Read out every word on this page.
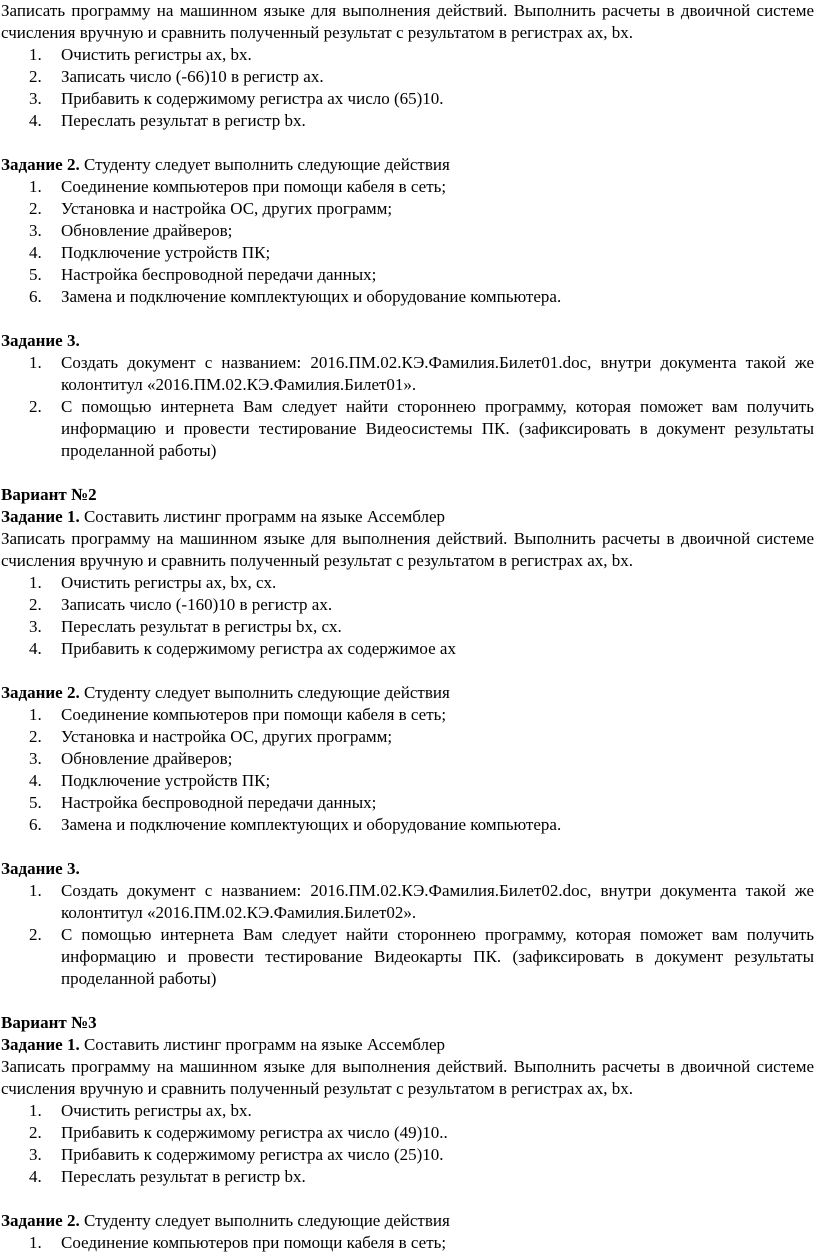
Записать программу на машинном языке для выполнения действий. Выполнить расчеты в двоичной системе счисления вручную и сравнить полученный результат с результатом в регистрах ax, bx.

1. Очистить регистры ax, bx.
2. Записать число (-66)10 в регистр ax.
3. Прибавить к содержимому регистра ax число (65)10.
4. Переслать результат в регистр bx.

Задание 2. Студенту следует выполнить следующие действия

1. Соединение компьютеров при помощи кабеля в сеть;
2. Установка и настройка ОС, других программ;
3. Обновление драйверов;
4. Подключение устройств ПК;
5. Настройка беспроводной передачи данных;
6. Замена и подключение комплектующих и оборудование компьютера.

Задание 3.

1. Создать документ с названием: 2016.ПМ.02.КЭ.Фамилия.Билет01.doc, внутри документа такой же колонтитул «2016.ПМ.02.КЭ.Фамилия.Билет01».
2. С помощью интернета Вам следует найти стороннею программу, которая поможет вам получить информацию и провести тестирование Видеосистемы ПК. (зафиксировать в документ результаты проделанной работы)

Вариант №2

Задание 1. Составить листинг программ на языке Ассемблер

Записать программу на машинном языке для выполнения действий. Выполнить расчеты в двоичной системе счисления вручную и сравнить полученный результат с результатом в регистрах ax, bx.

1. Очистить регистры ax, bx, cx.
2. Записать число (-160)10 в регистр ax.
3. Переслать результат в регистры bx, cx.
4. Прибавить к содержимому регистра ax содержимое ax

Задание 2. Студенту следует выполнить следующие действия

1. Соединение компьютеров при помощи кабеля в сеть;
2. Установка и настройка ОС, других программ;
3. Обновление драйверов;
4. Подключение устройств ПК;
5. Настройка беспроводной передачи данных;
6. Замена и подключение комплектующих и оборудование компьютера.

Задание 3.

1. Создать документ с названием: 2016.ПМ.02.КЭ.Фамилия.Билет02.doc, внутри документа такой же колонтитул «2016.ПМ.02.КЭ.Фамилия.Билет02».
2. С помощью интернета Вам следует найти стороннею программу, которая поможет вам получить информацию и провести тестирование Видеокарты ПК. (зафиксировать в документ результаты проделанной работы)

Вариант №3

Задание 1. Составить листинг программ на языке Ассемблер

Записать программу на машинном языке для выполнения действий. Выполнить расчеты в двоичной системе счисления вручную и сравнить полученный результат с результатом в регистрах ax, bx.

1. Очистить регистры ax, bx.
2. Прибавить к содержимому регистра ax число (49)10..
3. Прибавить к содержимому регистра ax число (25)10.
4. Переслать результат в регистр bx.

Задание 2. Студенту следует выполнить следующие действия

1. Соединение компьютеров при помощи кабеля в сеть;
